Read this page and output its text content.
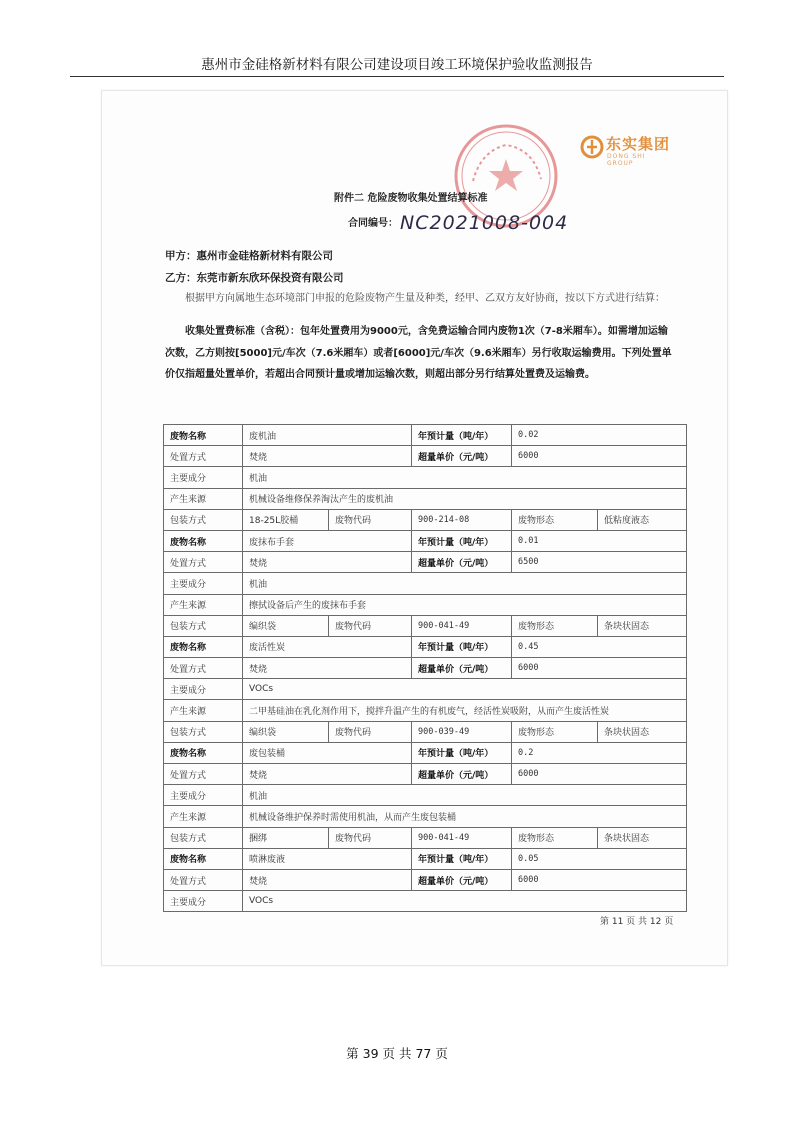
惠州市金硅格新材料有限公司建设项目竣工环境保护验收监测报告
东实集团
DONG SHI GROUP
附件二 危险废物收集处置结算标准
合同编号： NC2021008-004
甲方：惠州市金硅格新材料有限公司
乙方：东莞市新东欣环保投资有限公司
根据甲方向属地生态环境部门申报的危险废物产生量及种类，经甲、乙双方友好协商，按以下方式进行结算：
收集处置费标准（含税）：包年处置费用为9000元，含免费运输合同内废物1次（7-8米厢车）。如需增加运输次数，乙方则按[5000]元/车次（7.6米厢车）或者[6000]元/车次（9.6米厢车）另行收取运输费用。下列处置单价仅指超量处置单价，若超出合同预计量或增加运输次数，则超出部分另行结算处置费及运输费。
废物名称	废机油		年预计量（吨/年）	0.02	
处置方式	焚烧		超量单价（元/吨）	6000	
主要成分	机油				
产生来源	机械设备维修保养淘汰产生的废机油				
包装方式	18-25L胶桶	废物代码	900-214-08	废物形态	低粘度液态
废物名称	废抹布手套		年预计量（吨/年）	0.01	
处置方式	焚烧		超量单价（元/吨）	6500	
主要成分	机油				
产生来源	擦拭设备后产生的废抹布手套				
包装方式	编织袋	废物代码	900-041-49	废物形态	条块状固态
废物名称	废活性炭		年预计量（吨/年）	0.45	
处置方式	焚烧		超量单价（元/吨）	6000	
主要成分	VOCs				
产生来源	二甲基硅油在乳化剂作用下，搅拌升温产生的有机废气，经活性炭吸附，从而产生废活性炭				
包装方式	编织袋	废物代码	900-039-49	废物形态	条块状固态
废物名称	废包装桶		年预计量（吨/年）	0.2	
处置方式	焚烧		超量单价（元/吨）	6000	
主要成分	机油				
产生来源	机械设备维护保养时需使用机油，从而产生废包装桶				
包装方式	捆绑	废物代码	900-041-49	废物形态	条块状固态
废物名称	喷淋废液		年预计量（吨/年）	0.05	
处置方式	焚烧		超量单价（元/吨）	6000	
主要成分	VOCs				
第 11 页 共 12 页
第 39 页 共 77 页
